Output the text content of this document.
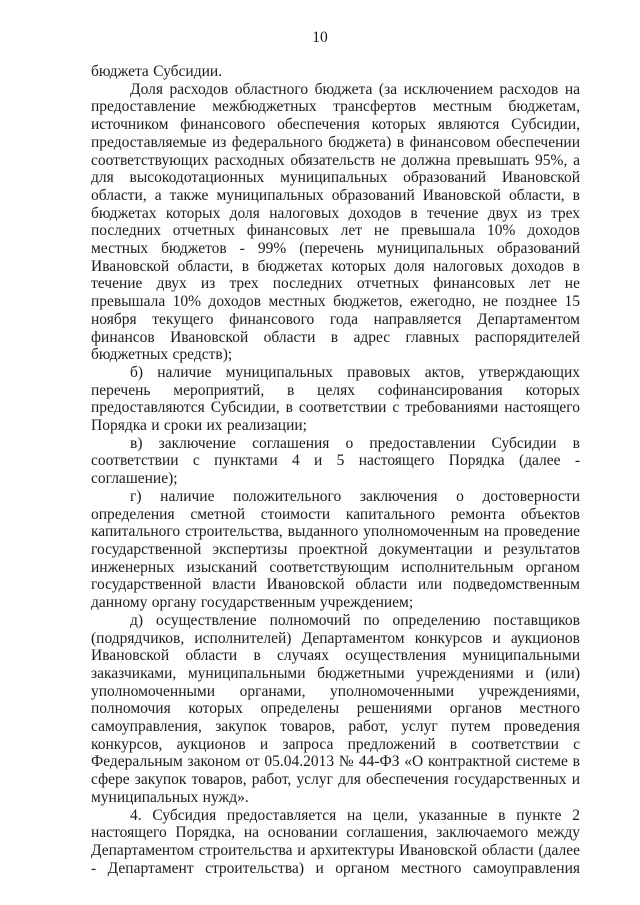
10

бюджета Субсидии.

Доля расходов областного бюджета (за исключением расходов на предоставление межбюджетных трансфертов местным бюджетам, источником финансового обеспечения которых являются Субсидии, предоставляемые из федерального бюджета) в финансовом обеспечении соответствующих расходных обязательств не должна превышать 95%, а для высокодотационных муниципальных образований Ивановской области, а также муниципальных образований Ивановской области, в бюджетах которых доля налоговых доходов в течение двух из трех последних отчетных финансовых лет не превышала 10% доходов местных бюджетов - 99% (перечень муниципальных образований Ивановской области, в бюджетах которых доля налоговых доходов в течение двух из трех последних отчетных финансовых лет не превышала 10% доходов местных бюджетов, ежегодно, не позднее 15 ноября текущего финансового года направляется Департаментом финансов Ивановской области в адрес главных распорядителей бюджетных средств);

б) наличие муниципальных правовых актов, утверждающих перечень мероприятий, в целях софинансирования которых предоставляются Субсидии, в соответствии с требованиями настоящего Порядка и сроки их реализации;

в) заключение соглашения о предоставлении Субсидии в соответствии с пунктами 4 и 5 настоящего Порядка (далее - соглашение);

г) наличие положительного заключения о достоверности определения сметной стоимости капитального ремонта объектов капитального строительства, выданного уполномоченным на проведение государственной экспертизы проектной документации и результатов инженерных изысканий соответствующим исполнительным органом государственной власти Ивановской области или подведомственным данному органу государственным учреждением;

д) осуществление полномочий по определению поставщиков (подрядчиков, исполнителей) Департаментом конкурсов и аукционов Ивановской области в случаях осуществления муниципальными заказчиками, муниципальными бюджетными учреждениями и (или) уполномоченными органами, уполномоченными учреждениями, полномочия которых определены решениями органов местного самоуправления, закупок товаров, работ, услуг путем проведения конкурсов, аукционов и запроса предложений в соответствии с Федеральным законом от 05.04.2013 № 44-ФЗ «О контрактной системе в сфере закупок товаров, работ, услуг для обеспечения государственных и муниципальных нужд».

4. Субсидия предоставляется на цели, указанные в пункте 2 настоящего Порядка, на основании соглашения, заключаемого между Департаментом строительства и архитектуры Ивановской области (далее - Департамент строительства) и органом местного самоуправления
